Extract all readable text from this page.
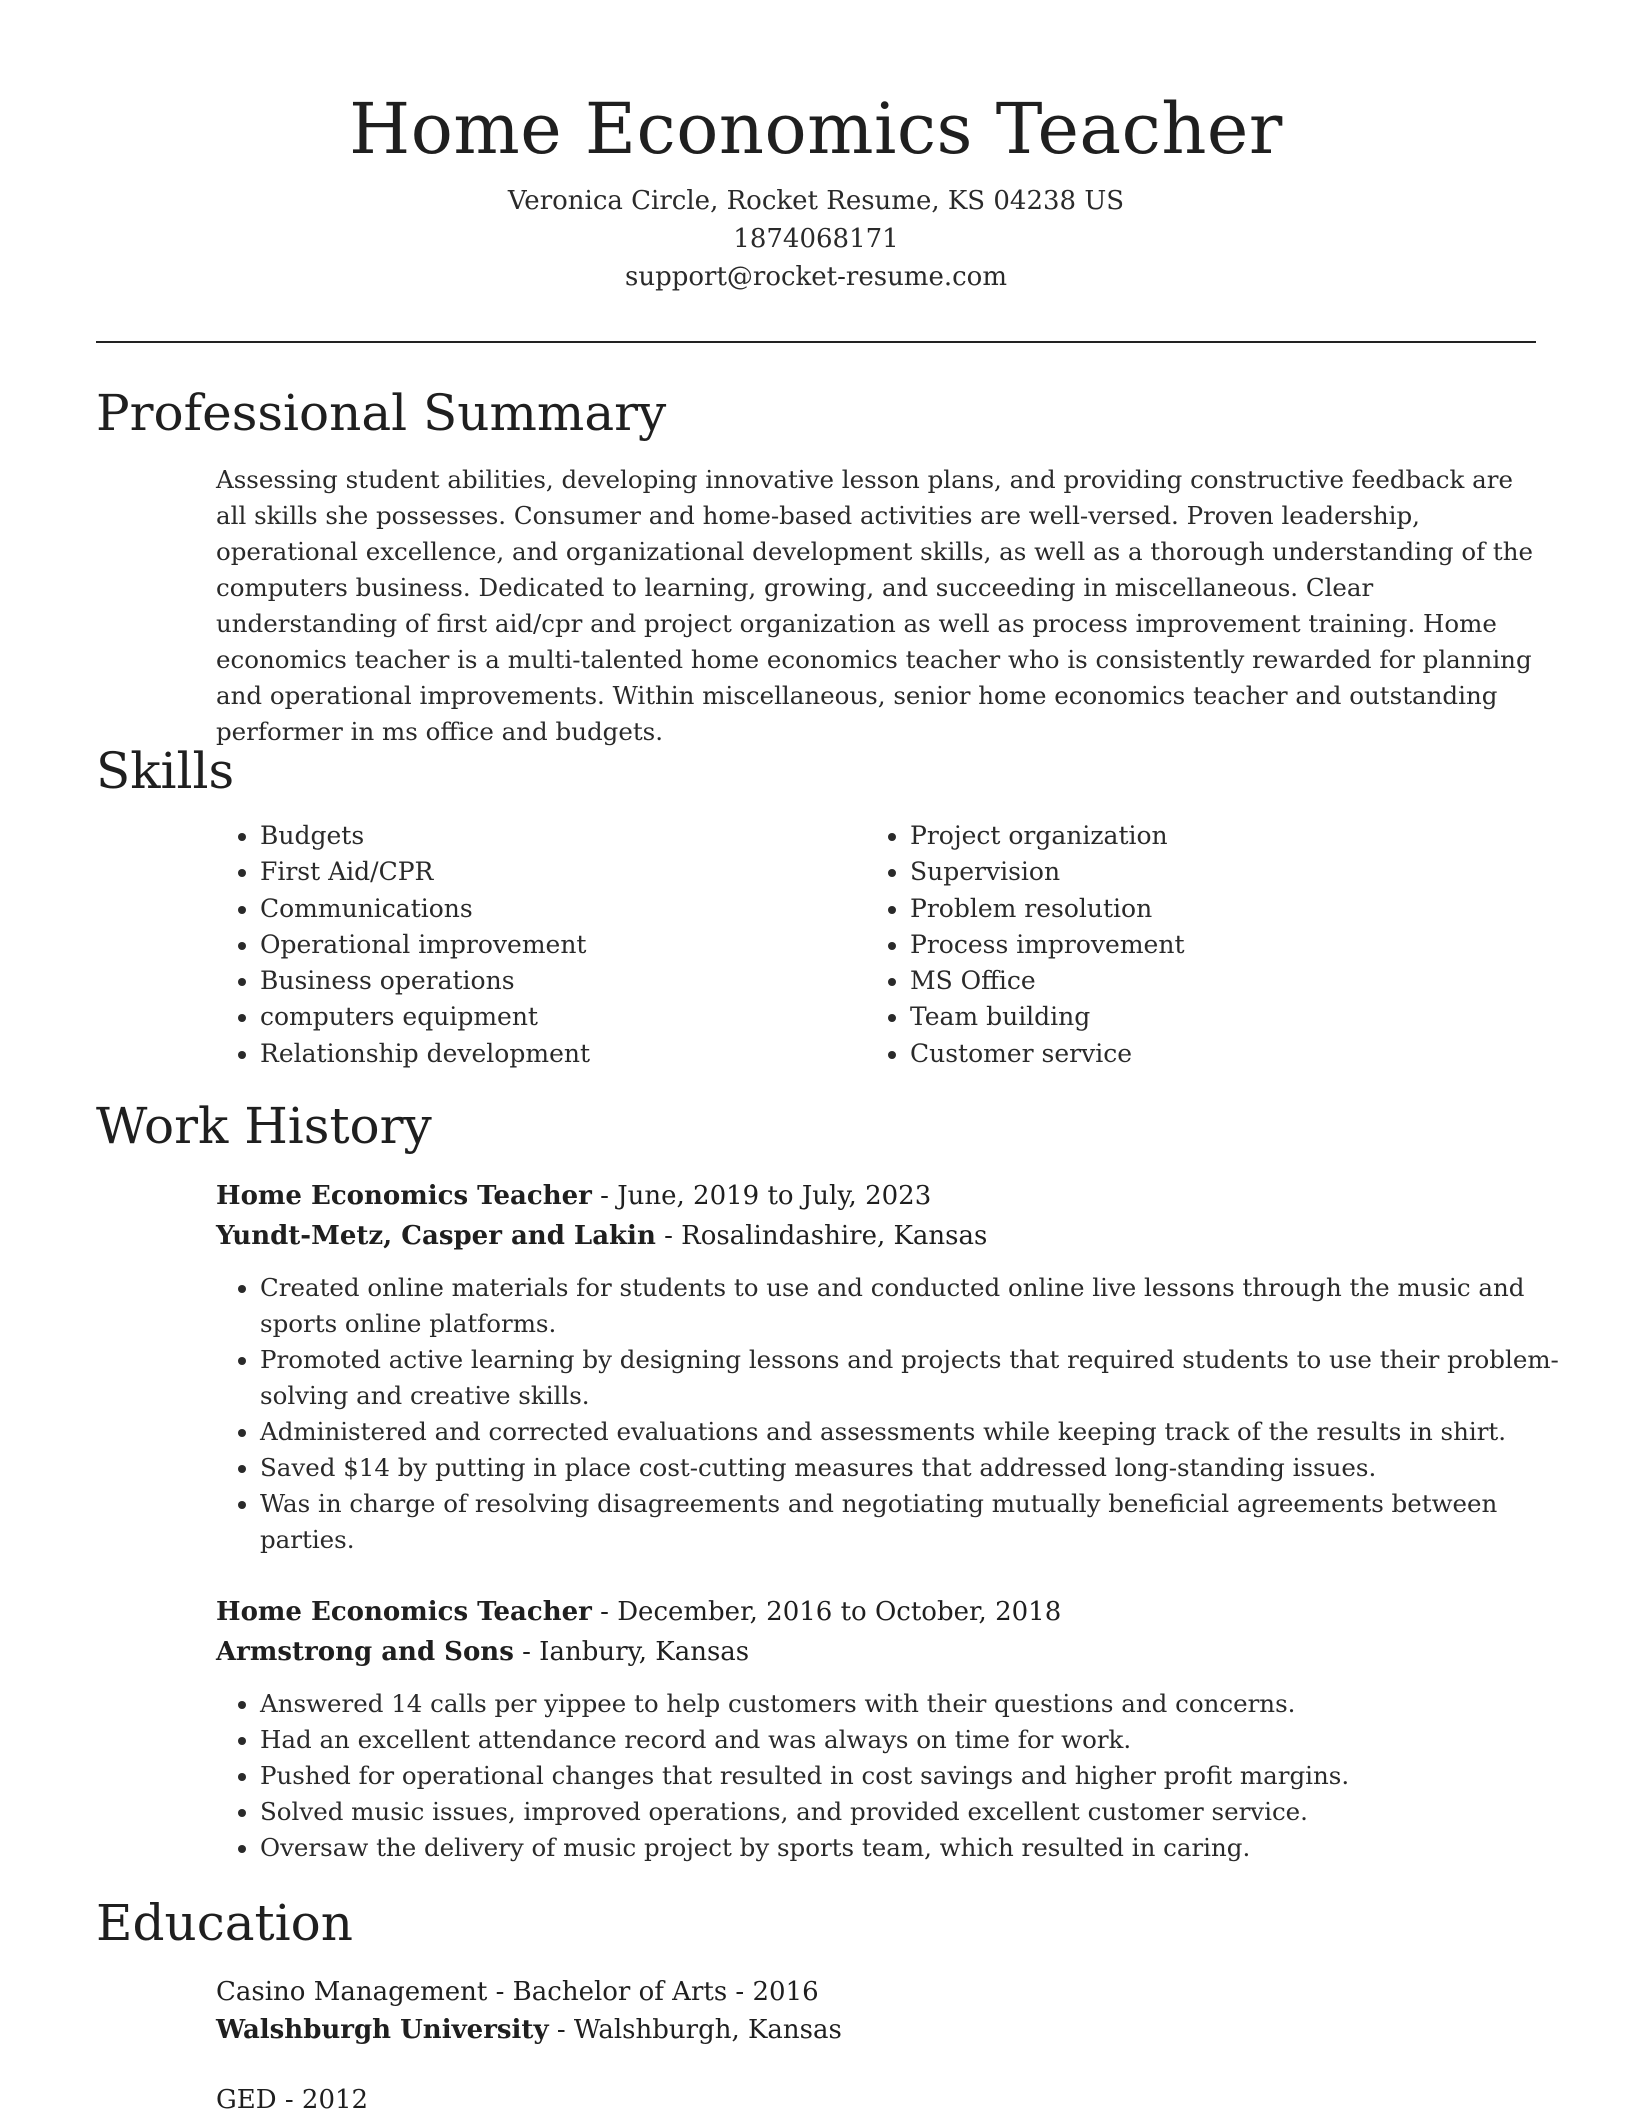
Home Economics Teacher
Veronica Circle, Rocket Resume, KS 04238 US
1874068171
support@rocket-resume.com
Professional Summary

Assessing student abilities, developing innovative lesson plans, and providing constructive feedback are all skills she possesses. Consumer and home-based activities are well-versed. Proven leadership, operational excellence, and organizational development skills, as well as a thorough understanding of the computers business. Dedicated to learning, growing, and succeeding in miscellaneous. Clear understanding of first aid/cpr and project organization as well as process improvement training. Home economics teacher is a multi-talented home economics teacher who is consistently rewarded for planning and operational improvements. Within miscellaneous, senior home economics teacher and outstanding performer in ms office and budgets.

Skills
• Budgets
• First Aid/CPR
• Communications
• Operational improvement
• Business operations
• computers equipment
• Relationship development
• Project organization
• Supervision
• Problem resolution
• Process improvement
• MS Office
• Team building
• Customer service
Work History
Home Economics Teacher - June, 2019 to July, 2023
Yundt-Metz, Casper and Lakin - Rosalindashire, Kansas
• Created online materials for students to use and conducted online live lessons through the music and sports online platforms.
• Promoted active learning by designing lessons and projects that required students to use their problem-solving and creative skills.
• Administered and corrected evaluations and assessments while keeping track of the results in shirt.
• Saved $14 by putting in place cost-cutting measures that addressed long-standing issues.
• Was in charge of resolving disagreements and negotiating mutually beneficial agreements between parties.
Home Economics Teacher - December, 2016 to October, 2018
Armstrong and Sons - Ianbury, Kansas
• Answered 14 calls per yippee to help customers with their questions and concerns.
• Had an excellent attendance record and was always on time for work.
• Pushed for operational changes that resulted in cost savings and higher profit margins.
• Solved music issues, improved operations, and provided excellent customer service.
• Oversaw the delivery of music project by sports team, which resulted in caring.
Education
Casino Management - Bachelor of Arts - 2016
Walshburgh University - Walshburgh, Kansas
GED - 2012
